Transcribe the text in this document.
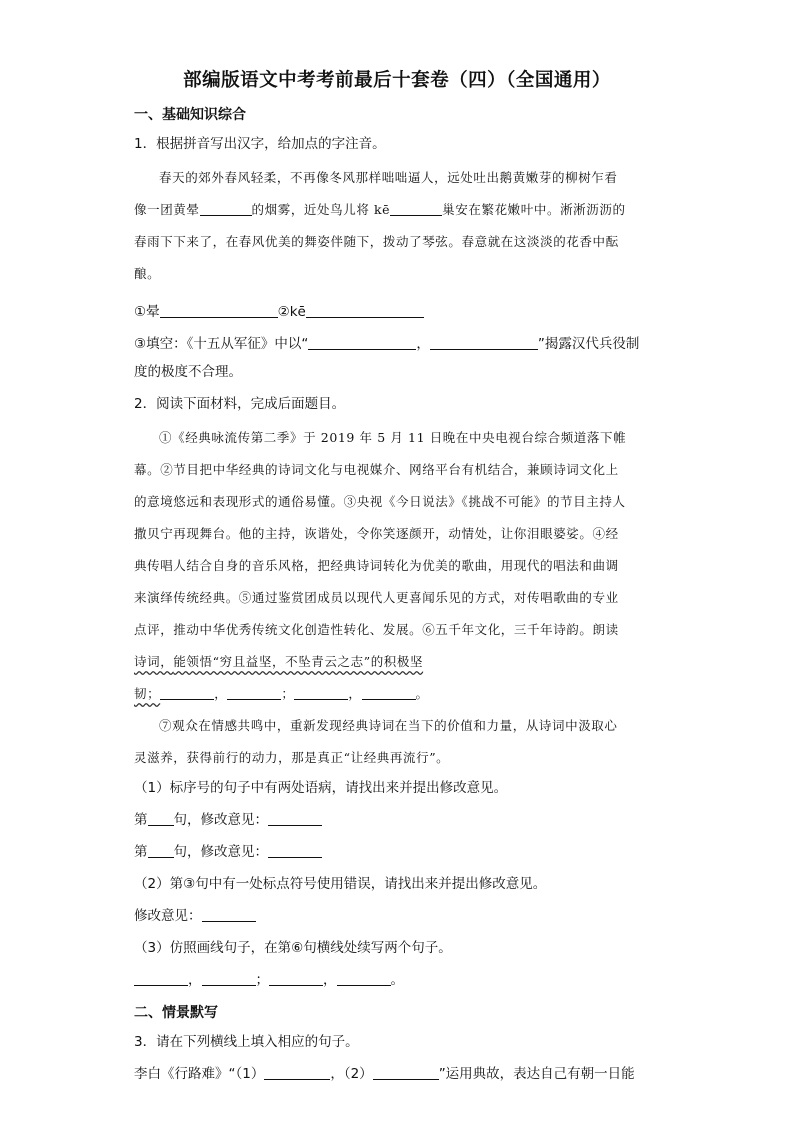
部编版语文中考考前最后十套卷（四）（全国通用）
一、基础知识综合
1．根据拼音写出汉字，给加点的字注音。
春天的郊外春风轻柔，不再像冬风那样咄咄逼人，远处吐出鹅黄嫩芽的柳树乍看
像一团黄晕	的烟雾，近处鸟儿将 kē	巢安在繁花嫩叶中。淅淅沥沥的
春雨下下来了，在春风优美的舞姿伴随下，拨动了琴弦。春意就在这淡淡的花香中酝
酿。
①晕	②kē
③填空：《十五从军征》中以“	，	”揭露汉代兵役制
度的极度不合理。
2．阅读下面材料，完成后面题目。
①《经典咏流传第二季》于 2019 年 5 月 11 日晚在中央电视台综合频道落下帷
幕。②节目把中华经典的诗词文化与电视媒介、网络平台有机结合，兼顾诗词文化上
的意境悠远和表现形式的通俗易懂。③央视《今日说法》《挑战不可能》的节目主持人
撒贝宁再现舞台。他的主持，诙谐处，令你笑逐颜开，动情处，让你泪眼婆娑。④经
典传唱人结合自身的音乐风格，把经典诗词转化为优美的歌曲，用现代的唱法和曲调
来演绎传统经典。⑤通过鉴赏团成员以现代人更喜闻乐见的方式，对传唱歌曲的专业
点评，推动中华优秀传统文化创造性转化、发展。⑥五千年文化，三千年诗韵。朗读
诗词，能领悟“穷且益坚，不坠青云之志”的积极坚
韧；	，	；	，	。
⑦观众在情感共鸣中，重新发现经典诗词在当下的价值和力量，从诗词中汲取心
灵滋养，获得前行的动力，那是真正“让经典再流行”。
（1）标序号的句子中有两处语病，请找出来并提出修改意见。
第 句，修改意见：
第 句，修改意见：
（2）第③句中有一处标点符号使用错误，请找出来并提出修改意见。
修改意见：
（3）仿照画线句子，在第⑥句横线处续写两个句子。
，	；	，	。
二、情景默写
3．请在下列横线上填入相应的句子。
李白《行路难》“（1）	，（2）	”运用典故，表达自己有朝一日能
